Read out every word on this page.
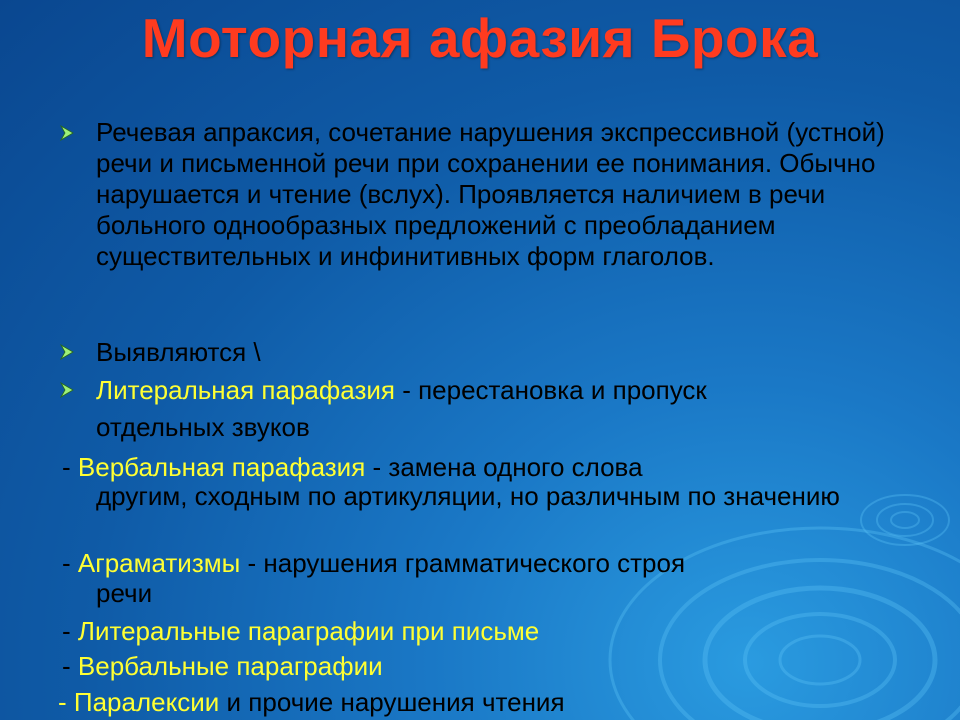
Моторная афазия Брока
Речевая апраксия, сочетание нарушения экспрессивной (устной) речи и письменной речи при сохранении ее понимания. Обычно нарушается и чтение (вслух). Проявляется наличием в речи больного однообразных предложений с преобладанием существительных и инфинитивных форм глаголов.
Выявляются \
Литеральная парафазия - перестановка и пропуск
отдельных звуков
- Вербальная парафазия - замена одного слова
другим, сходным по артикуляции, но различным по значению
- Аграматизмы - нарушения грамматического строя
речи
- Литеральные параграфии при письме
- Вербальные параграфии
- Паралексии и прочие нарушения чтения
